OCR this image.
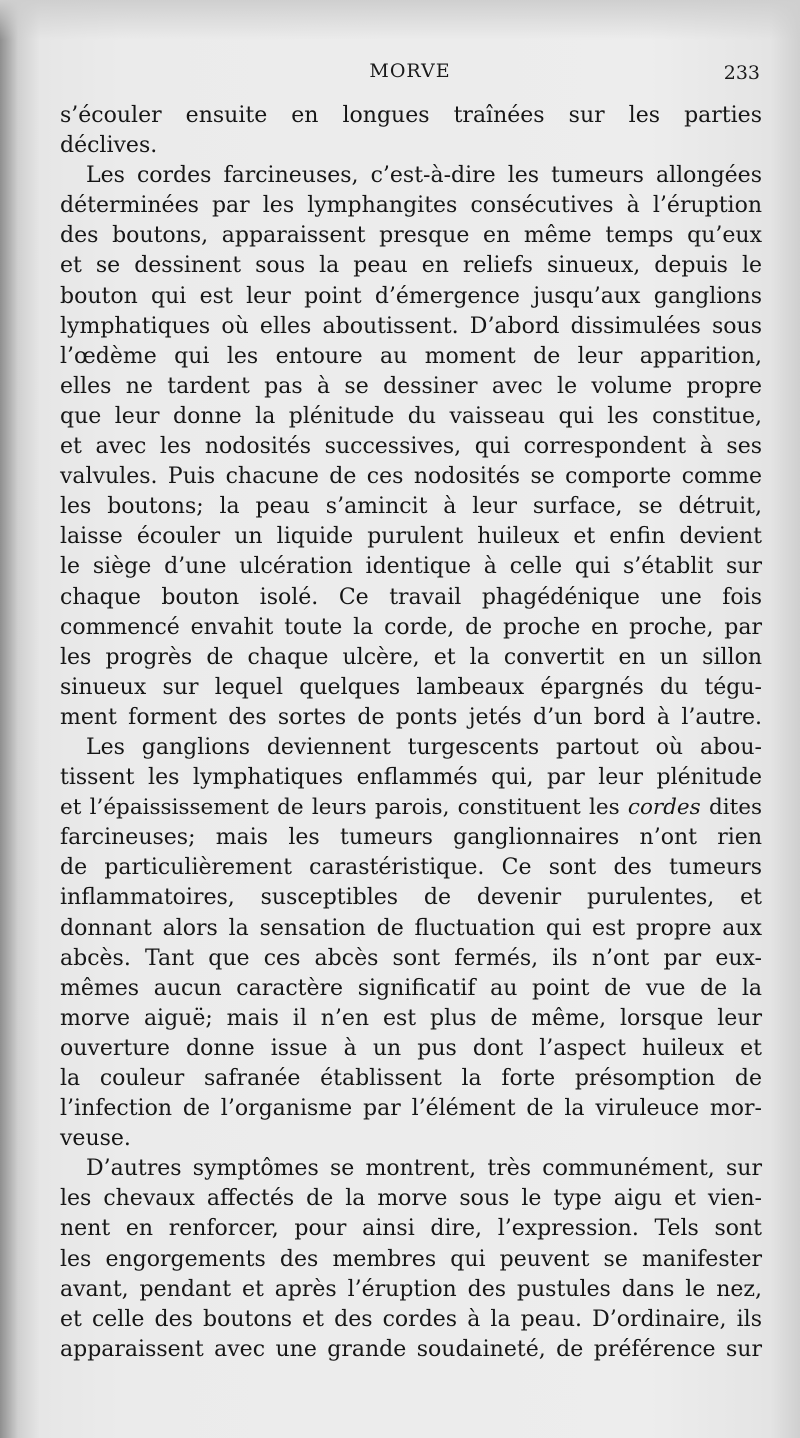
MORVE	233
s’écouler ensuite en longues traînées sur les parties
déclives.
Les cordes farcineuses, c’est-à-dire les tumeurs allongées
déterminées par les lymphangites consécutives à l’éruption
des boutons, apparaissent presque en même temps qu’eux
et se dessinent sous la peau en reliefs sinueux, depuis le
bouton qui est leur point d’émergence jusqu’aux ganglions
lymphatiques où elles aboutissent. D’abord dissimulées sous
l’œdème qui les entoure au moment de leur apparition,
elles ne tardent pas à se dessiner avec le volume propre
que leur donne la plénitude du vaisseau qui les constitue,
et avec les nodosités successives, qui correspondent à ses
valvules. Puis chacune de ces nodosités se comporte comme
les boutons; la peau s’amincit à leur surface, se détruit,
laisse écouler un liquide purulent huileux et enfin devient
le siège d’une ulcération identique à celle qui s’établit sur
chaque bouton isolé. Ce travail phagédénique une fois
commencé envahit toute la corde, de proche en proche, par
les progrès de chaque ulcère, et la convertit en un sillon
sinueux sur lequel quelques lambeaux épargnés du tégu-
ment forment des sortes de ponts jetés d’un bord à l’autre.
Les ganglions deviennent turgescents partout où abou-
tissent les lymphatiques enflammés qui, par leur plénitude
et l’épaississement de leurs parois, constituent les cordes dites
farcineuses; mais les tumeurs ganglionnaires n’ont rien
de particulièrement carastéristique. Ce sont des tumeurs
inflammatoires, susceptibles de devenir purulentes, et
donnant alors la sensation de fluctuation qui est propre aux
abcès. Tant que ces abcès sont fermés, ils n’ont par eux-
mêmes aucun caractère significatif au point de vue de la
morve aiguë; mais il n’en est plus de même, lorsque leur
ouverture donne issue à un pus dont l’aspect huileux et
la couleur safranée établissent la forte présomption de
l’infection de l’organisme par l’élément de la viruleuce mor-
veuse.
D’autres symptômes se montrent, très communément, sur
les chevaux affectés de la morve sous le type aigu et vien-
nent en renforcer, pour ainsi dire, l’expression. Tels sont
les engorgements des membres qui peuvent se manifester
avant, pendant et après l’éruption des pustules dans le nez,
et celle des boutons et des cordes à la peau. D’ordinaire, ils
apparaissent avec une grande soudaineté, de préférence sur
